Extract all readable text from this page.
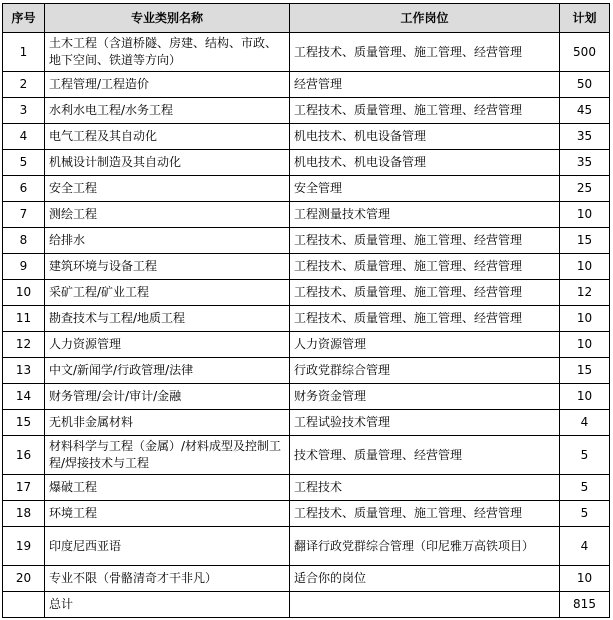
序号	专业类别名称	工作岗位	计划
1	土木工程（含道桥隧、房建、结构、市政、地下空间、铁道等方向）	工程技术、质量管理、施工管理、经营管理	500
2	工程管理/工程造价	经营管理	50
3	水利水电工程/水务工程	工程技术、质量管理、施工管理、经营管理	45
4	电气工程及其自动化	机电技术、机电设备管理	35
5	机械设计制造及其自动化	机电技术、机电设备管理	35
6	安全工程	安全管理	25
7	测绘工程	工程测量技术管理	10
8	给排水	工程技术、质量管理、施工管理、经营管理	15
9	建筑环境与设备工程	工程技术、质量管理、施工管理、经营管理	10
10	采矿工程/矿业工程	工程技术、质量管理、施工管理、经营管理	12
11	勘查技术与工程/地质工程	工程技术、质量管理、施工管理、经营管理	10
12	人力资源管理	人力资源管理	10
13	中文/新闻学/行政管理/法律	行政党群综合管理	15
14	财务管理/会计/审计/金融	财务资金管理	10
15	无机非金属材料	工程试验技术管理	4
16	材料科学与工程（金属）/材料成型及控制工程/焊接技术与工程	技术管理、质量管理、经营管理	5
17	爆破工程	工程技术	5
18	环境工程	工程技术、质量管理、施工管理、经营管理	5
19	印度尼西亚语	翻译行政党群综合管理（印尼雅万高铁项目）	4
20	专业不限（骨骼清奇才干非凡）	适合你的岗位	10
	总计		815
